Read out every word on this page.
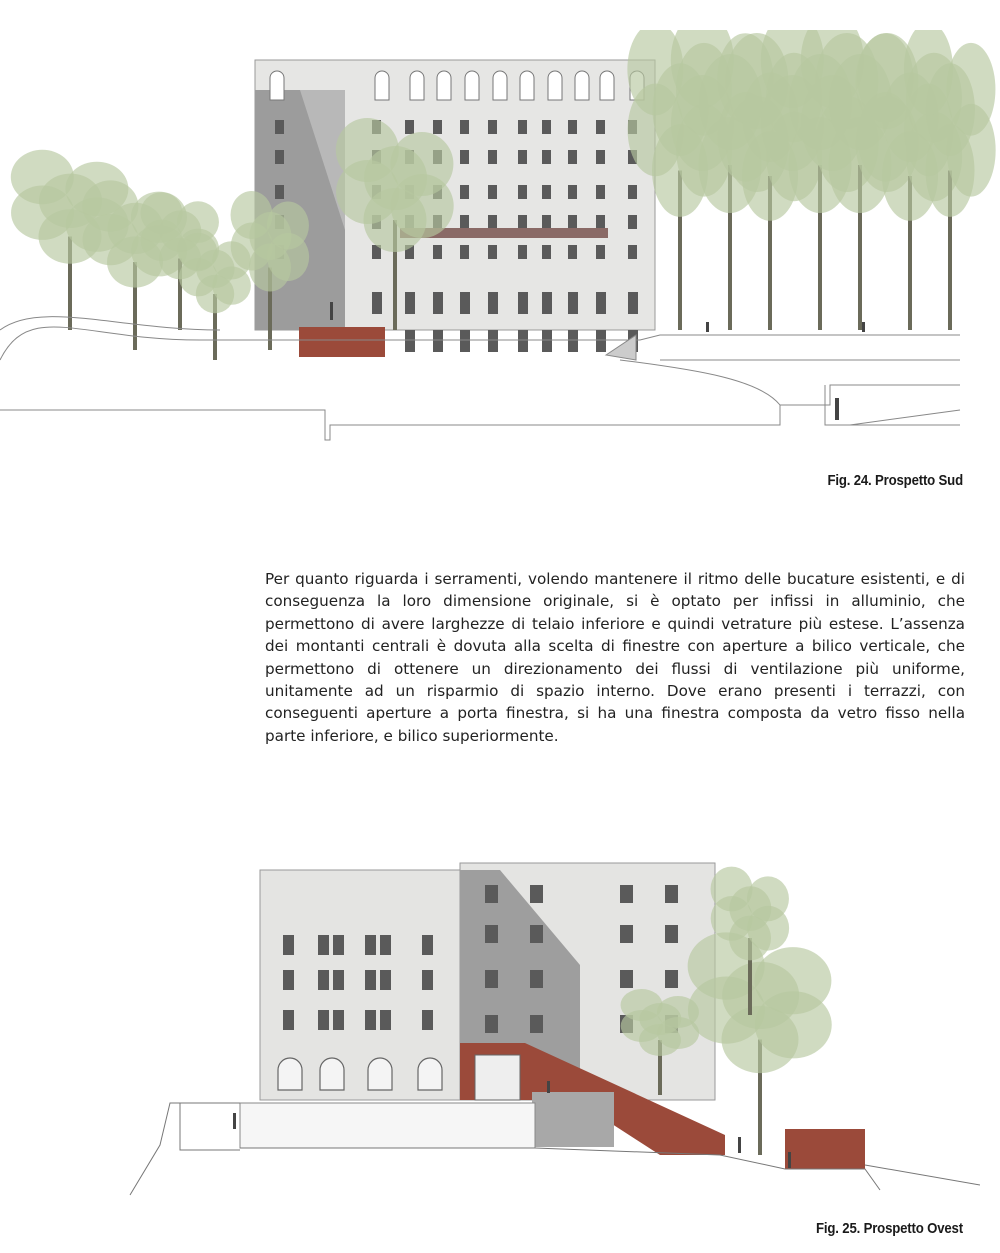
Fig. 24. Prospetto Sud
Per quanto riguarda i serramenti, volendo mantenere il ritmo delle bucature esistenti, e di conseguenza la loro dimensione originale, si è optato per infissi in alluminio, che permettono di avere larghezze di telaio inferiore e quindi vetrature più estese. L’assenza dei montanti centrali è dovuta alla scelta di finestre con aperture a bilico verticale, che permettono di ottenere un direzionamento dei flussi di ventilazione più uniforme, unitamente ad un risparmio di spazio interno. Dove erano presenti i terrazzi, con conseguenti aperture a porta finestra, si ha una finestra composta da vetro fisso nella parte inferiore, e bilico superiormente.
Fig. 25. Prospetto Ovest
